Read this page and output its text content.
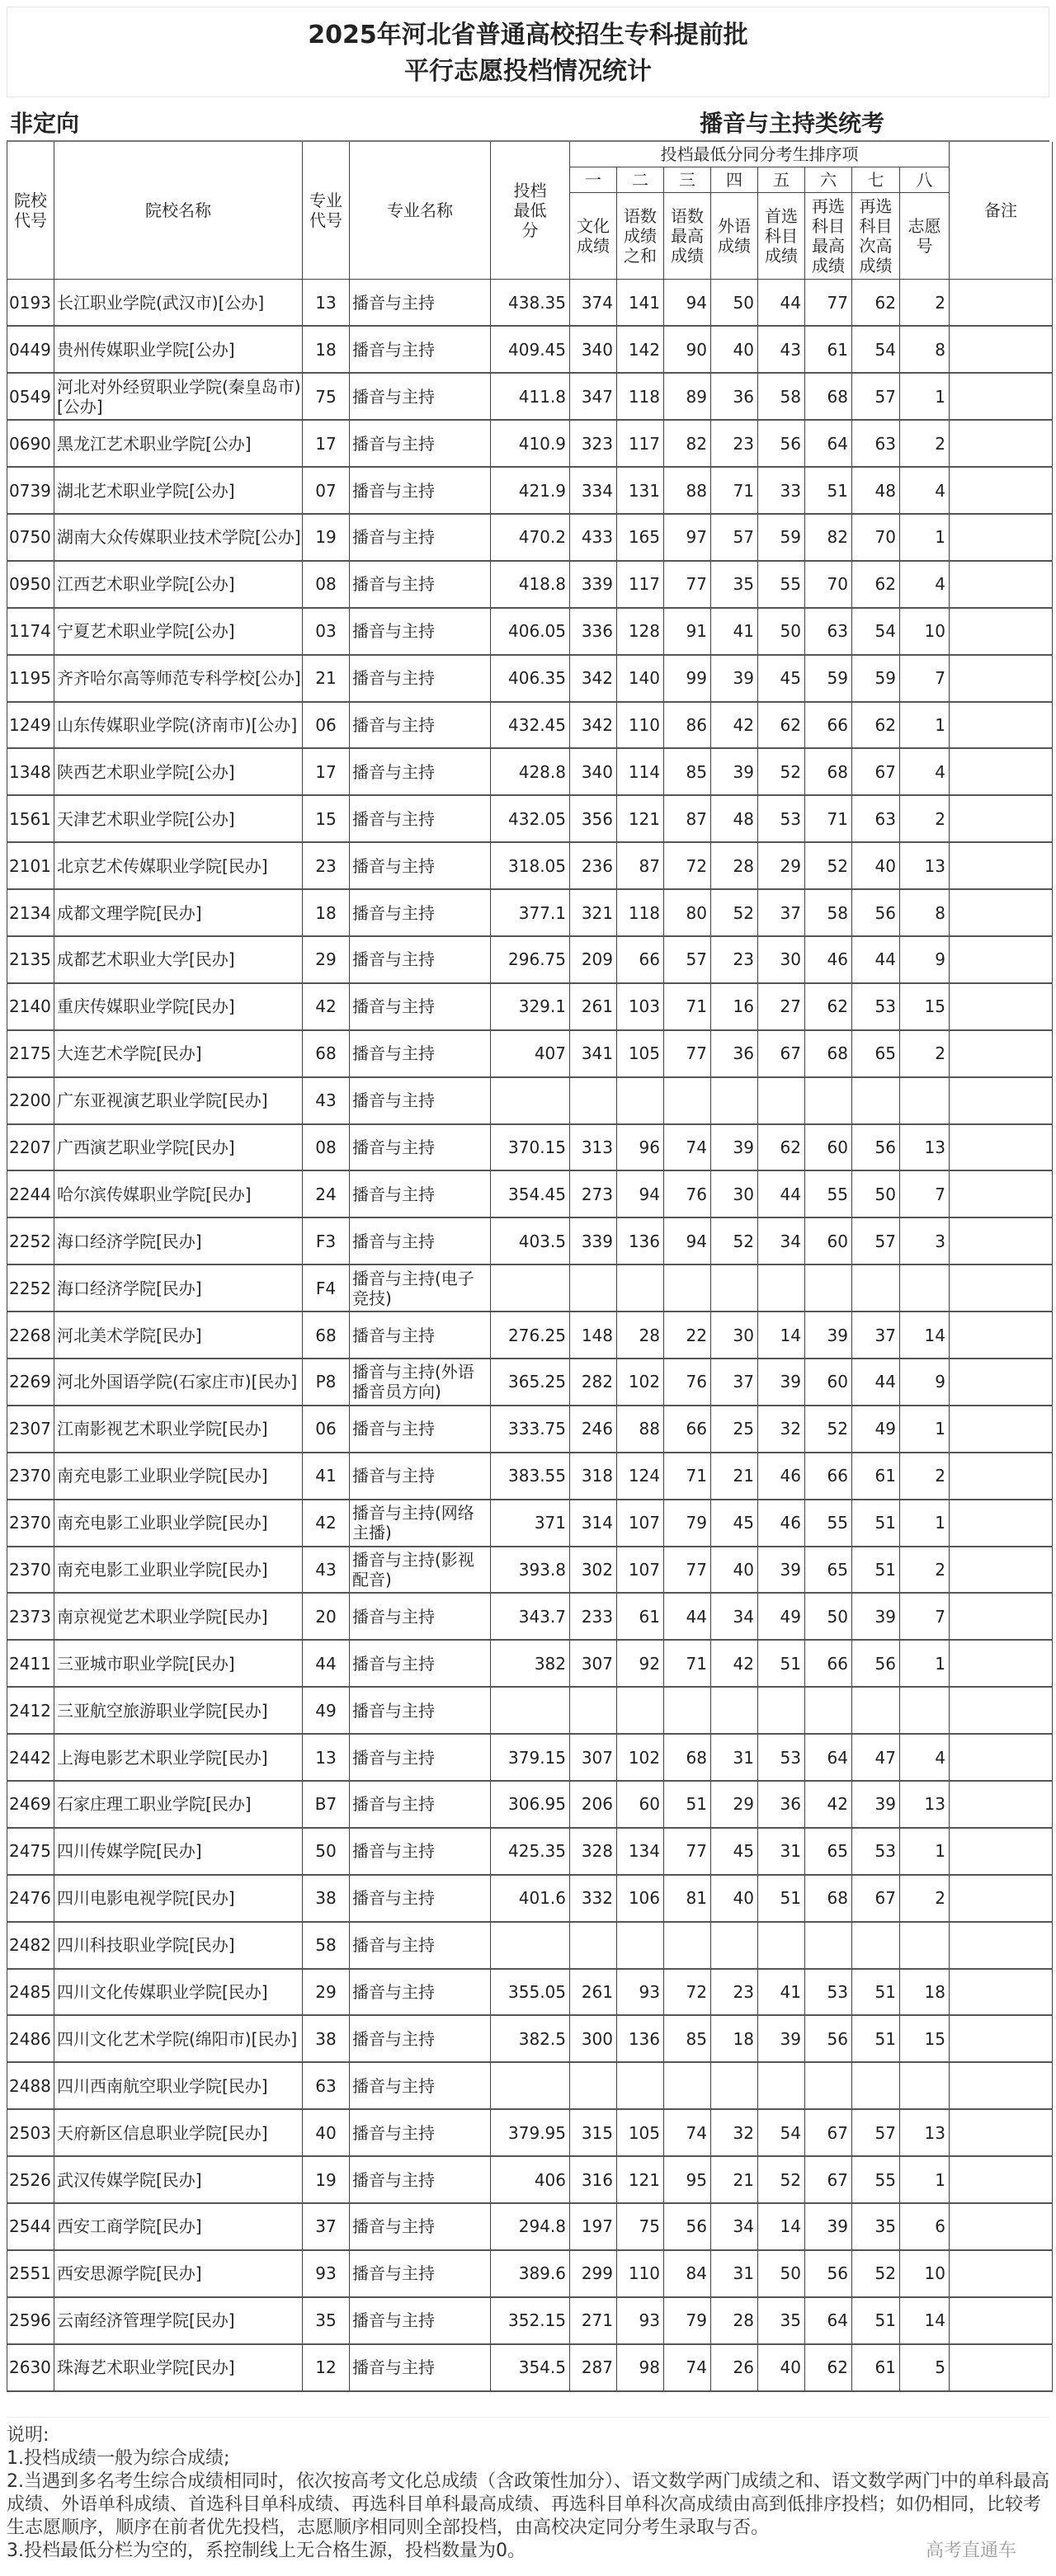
2025年河北省普通高校招生专科提前批
平行志愿投档情况统计
非定向	播音与主持类统考
院校代号	院校名称	专业代号	专业名称	投档最低分	投档最低分同分考生排序项								备注
					一	二	三	四	五	六	七	八	
					文化成绩	语数成绩之和	语数最高成绩	外语成绩	首选科目成绩	再选科目最高成绩	再选科目次高成绩	志愿号	
0193	长江职业学院(武汉市)[公办]	13	播音与主持	438.35	374	141	94	50	44	77	62	2	
0449	贵州传媒职业学院[公办]	18	播音与主持	409.45	340	142	90	40	43	61	54	8	
0549	河北对外经贸职业学院(秦皇岛市)[公办]	75	播音与主持	411.8	347	118	89	36	58	68	57	1	
0690	黑龙江艺术职业学院[公办]	17	播音与主持	410.9	323	117	82	23	56	64	63	2	
0739	湖北艺术职业学院[公办]	07	播音与主持	421.9	334	131	88	71	33	51	48	4	
0750	湖南大众传媒职业技术学院[公办]	19	播音与主持	470.2	433	165	97	57	59	82	70	1	
0950	江西艺术职业学院[公办]	08	播音与主持	418.8	339	117	77	35	55	70	62	4	
1174	宁夏艺术职业学院[公办]	03	播音与主持	406.05	336	128	91	41	50	63	54	10	
1195	齐齐哈尔高等师范专科学校[公办]	21	播音与主持	406.35	342	140	99	39	45	59	59	7	
1249	山东传媒职业学院(济南市)[公办]	06	播音与主持	432.45	342	110	86	42	62	66	62	1	
1348	陕西艺术职业学院[公办]	17	播音与主持	428.8	340	114	85	39	52	68	67	4	
1561	天津艺术职业学院[公办]	15	播音与主持	432.05	356	121	87	48	53	71	63	2	
2101	北京艺术传媒职业学院[民办]	23	播音与主持	318.05	236	87	72	28	29	52	40	13	
2134	成都文理学院[民办]	18	播音与主持	377.1	321	118	80	52	37	58	56	8	
2135	成都艺术职业大学[民办]	29	播音与主持	296.75	209	66	57	23	30	46	44	9	
2140	重庆传媒职业学院[民办]	42	播音与主持	329.1	261	103	71	16	27	62	53	15	
2175	大连艺术学院[民办]	68	播音与主持	407	341	105	77	36	67	68	65	2	
2200	广东亚视演艺职业学院[民办]	43	播音与主持										
2207	广西演艺职业学院[民办]	08	播音与主持	370.15	313	96	74	39	62	60	56	13	
2244	哈尔滨传媒职业学院[民办]	24	播音与主持	354.45	273	94	76	30	44	55	50	7	
2252	海口经济学院[民办]	F3	播音与主持	403.5	339	136	94	52	34	60	57	3	
2252	海口经济学院[民办]	F4	播音与主持(电子竞技)										
2268	河北美术学院[民办]	68	播音与主持	276.25	148	28	22	30	14	39	37	14	
2269	河北外国语学院(石家庄市)[民办]	P8	播音与主持(外语播音员方向)	365.25	282	102	76	37	39	60	44	9	
2307	江南影视艺术职业学院[民办]	06	播音与主持	333.75	246	88	66	25	32	52	49	1	
2370	南充电影工业职业学院[民办]	41	播音与主持	383.55	318	124	71	21	46	66	61	2	
2370	南充电影工业职业学院[民办]	42	播音与主持(网络主播)	371	314	107	79	45	46	55	51	1	
2370	南充电影工业职业学院[民办]	43	播音与主持(影视配音)	393.8	302	107	77	40	39	65	51	2	
2373	南京视觉艺术职业学院[民办]	20	播音与主持	343.7	233	61	44	34	49	50	39	7	
2411	三亚城市职业学院[民办]	44	播音与主持	382	307	92	71	42	51	66	56	1	
2412	三亚航空旅游职业学院[民办]	49	播音与主持										
2442	上海电影艺术职业学院[民办]	13	播音与主持	379.15	307	102	68	31	53	64	47	4	
2469	石家庄理工职业学院[民办]	B7	播音与主持	306.95	206	60	51	29	36	42	39	13	
2475	四川传媒学院[民办]	50	播音与主持	425.35	328	134	77	45	31	65	53	1	
2476	四川电影电视学院[民办]	38	播音与主持	401.6	332	106	81	40	51	68	67	2	
2482	四川科技职业学院[民办]	58	播音与主持										
2485	四川文化传媒职业学院[民办]	29	播音与主持	355.05	261	93	72	23	41	53	51	18	
2486	四川文化艺术学院(绵阳市)[民办]	38	播音与主持	382.5	300	136	85	18	39	56	51	15	
2488	四川西南航空职业学院[民办]	63	播音与主持										
2503	天府新区信息职业学院[民办]	40	播音与主持	379.95	315	105	74	32	54	67	57	13	
2526	武汉传媒学院[民办]	19	播音与主持	406	316	121	95	21	52	67	55	1	
2544	西安工商学院[民办]	37	播音与主持	294.8	197	75	56	34	14	39	35	6	
2551	西安思源学院[民办]	93	播音与主持	389.6	299	110	84	31	50	56	52	10	
2596	云南经济管理学院[民办]	35	播音与主持	352.15	271	93	79	28	35	64	51	14	
2630	珠海艺术职业学院[民办]	12	播音与主持	354.5	287	98	74	26	40	62	61	5	

说明:

1.投档成绩一般为综合成绩;

2.当遇到多名考生综合成绩相同时，依次按高考文化总成绩（含政策性加分）、语文数学两门成绩之和、语文数学两门中的单科最高成绩、外语单科成绩、首选科目单科成绩、再选科目单科最高成绩、再选科目单科次高成绩由高到低排序投档；如仍相同，比较考生志愿顺序，顺序在前者优先投档，志愿顺序相同则全部投档，由高校决定同分考生录取与否。

高考直通车

3.投档最低分栏为空的，系控制线上无合格生源，投档数量为0。
